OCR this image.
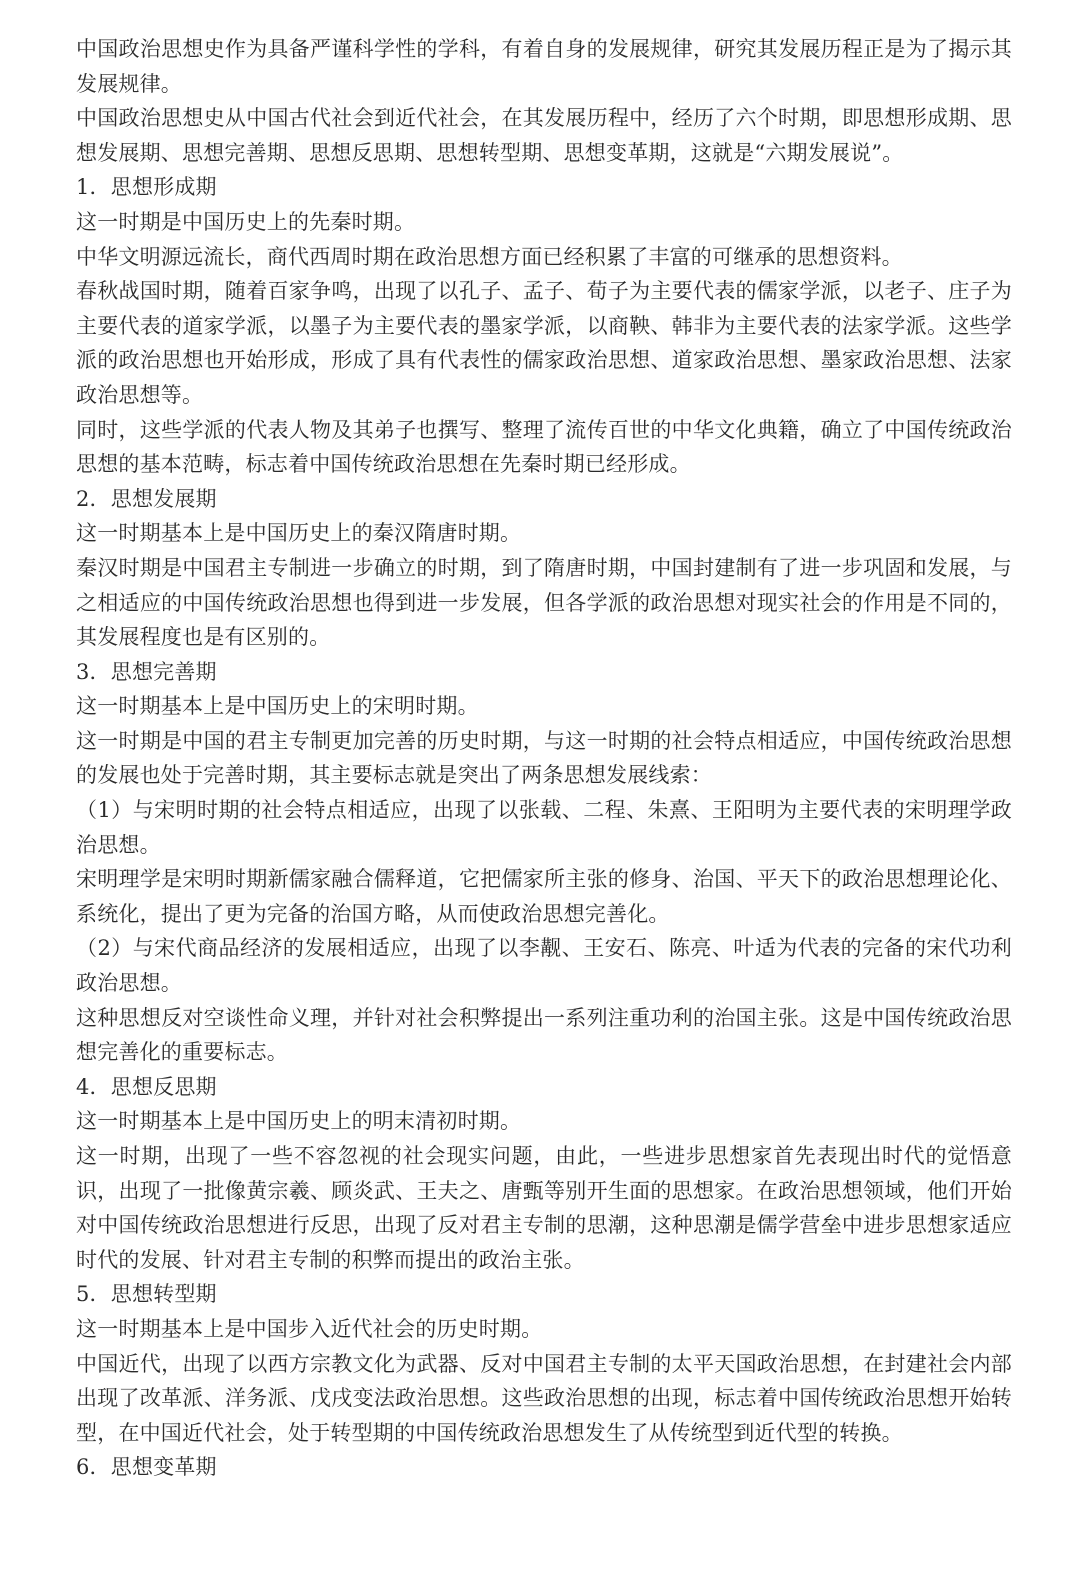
中国政治思想史作为具备严谨科学性的学科，有着自身的发展规律，研究其发展历程正是为了揭示其发展规律。

中国政治思想史从中国古代社会到近代社会，在其发展历程中，经历了六个时期，即思想形成期、思想发展期、思想完善期、思想反思期、思想转型期、思想变革期，这就是“六期发展说”。

1．思想形成期

这一时期是中国历史上的先秦时期。

中华文明源远流长，商代西周时期在政治思想方面已经积累了丰富的可继承的思想资料。

春秋战国时期，随着百家争鸣，出现了以孔子、孟子、荀子为主要代表的儒家学派，以老子、庄子为主要代表的道家学派，以墨子为主要代表的墨家学派，以商鞅、韩非为主要代表的法家学派。这些学派的政治思想也开始形成，形成了具有代表性的儒家政治思想、道家政治思想、墨家政治思想、法家政治思想等。

同时，这些学派的代表人物及其弟子也撰写、整理了流传百世的中华文化典籍，确立了中国传统政治思想的基本范畴，标志着中国传统政治思想在先秦时期已经形成。

2．思想发展期

这一时期基本上是中国历史上的秦汉隋唐时期。

秦汉时期是中国君主专制进一步确立的时期，到了隋唐时期，中国封建制有了进一步巩固和发展，与之相适应的中国传统政治思想也得到进一步发展，但各学派的政治思想对现实社会的作用是不同的，其发展程度也是有区别的。

3．思想完善期

这一时期基本上是中国历史上的宋明时期。

这一时期是中国的君主专制更加完善的历史时期，与这一时期的社会特点相适应，中国传统政治思想的发展也处于完善时期，其主要标志就是突出了两条思想发展线索：

（1）与宋明时期的社会特点相适应，出现了以张载、二程、朱熹、王阳明为主要代表的宋明理学政治思想。

宋明理学是宋明时期新儒家融合儒释道，它把儒家所主张的修身、治国、平天下的政治思想理论化、系统化，提出了更为完备的治国方略，从而使政治思想完善化。

（2）与宋代商品经济的发展相适应，出现了以李觏、王安石、陈亮、叶适为代表的完备的宋代功利政治思想。

这种思想反对空谈性命义理，并针对社会积弊提出一系列注重功利的治国主张。这是中国传统政治思想完善化的重要标志。

4．思想反思期

这一时期基本上是中国历史上的明末清初时期。

这一时期，出现了一些不容忽视的社会现实问题，由此，一些进步思想家首先表现出时代的觉悟意识，出现了一批像黄宗羲、顾炎武、王夫之、唐甄等别开生面的思想家。在政治思想领域，他们开始对中国传统政治思想进行反思，出现了反对君主专制的思潮，这种思潮是儒学营垒中进步思想家适应时代的发展、针对君主专制的积弊而提出的政治主张。

5．思想转型期

这一时期基本上是中国步入近代社会的历史时期。

中国近代，出现了以西方宗教文化为武器、反对中国君主专制的太平天国政治思想，在封建社会内部出现了改革派、洋务派、戊戌变法政治思想。这些政治思想的出现，标志着中国传统政治思想开始转型，在中国近代社会，处于转型期的中国传统政治思想发生了从传统型到近代型的转换。

6．思想变革期
